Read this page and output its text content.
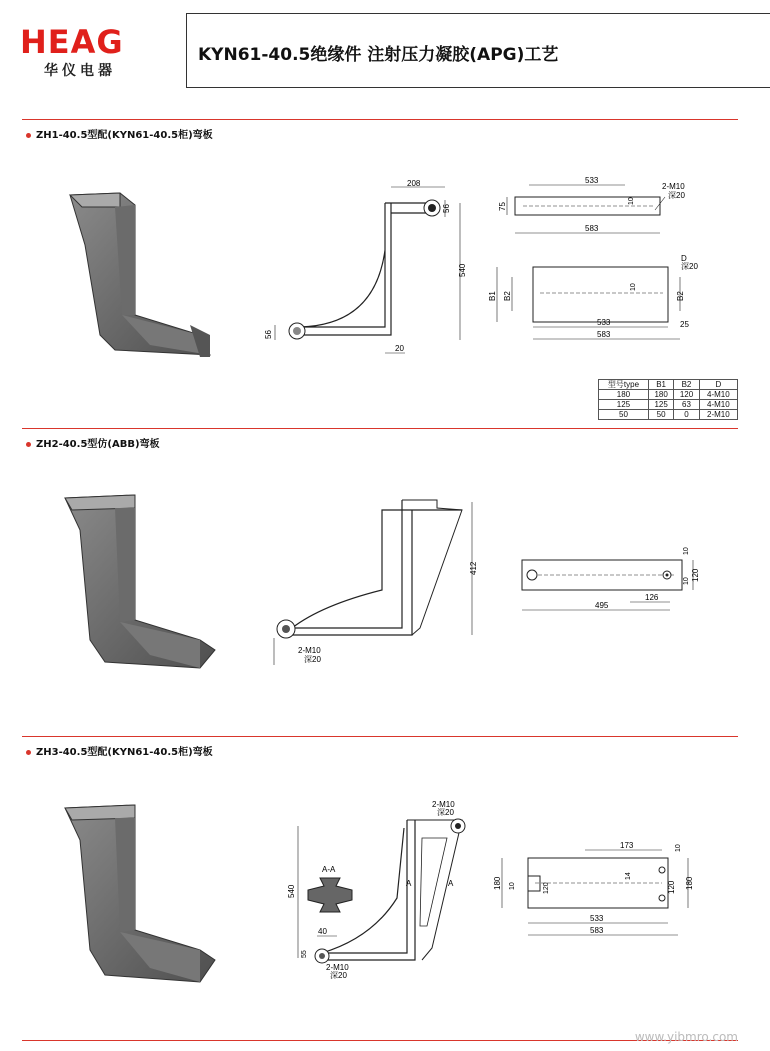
HEAG
华仪电器
KYN61-40.5绝缘件 注射压力凝胶(APG)工艺
ZH1-40.5型配(KYN61-40.5柜)弯板
208
56
540
56
20
533
583
75
10
2-M10
深20
B1 B2	B2
10
533
583
25
D
深20
型号type	B1	B2	D
180	180	120	4-M10
125	125	63	4-M10
50	50	0	2-M10
ZH2-40.5型仿(ABB)弯板
412
2-M10
深20
495
126
120
10
10
ZH3-40.5型配(KYN61-40.5柜)弯板
2-M10
深20
540
40
55
2-M10
深20
A-A
A	A
173	10
14
120	120
180	180
10
533
583
www.yibmro.com
